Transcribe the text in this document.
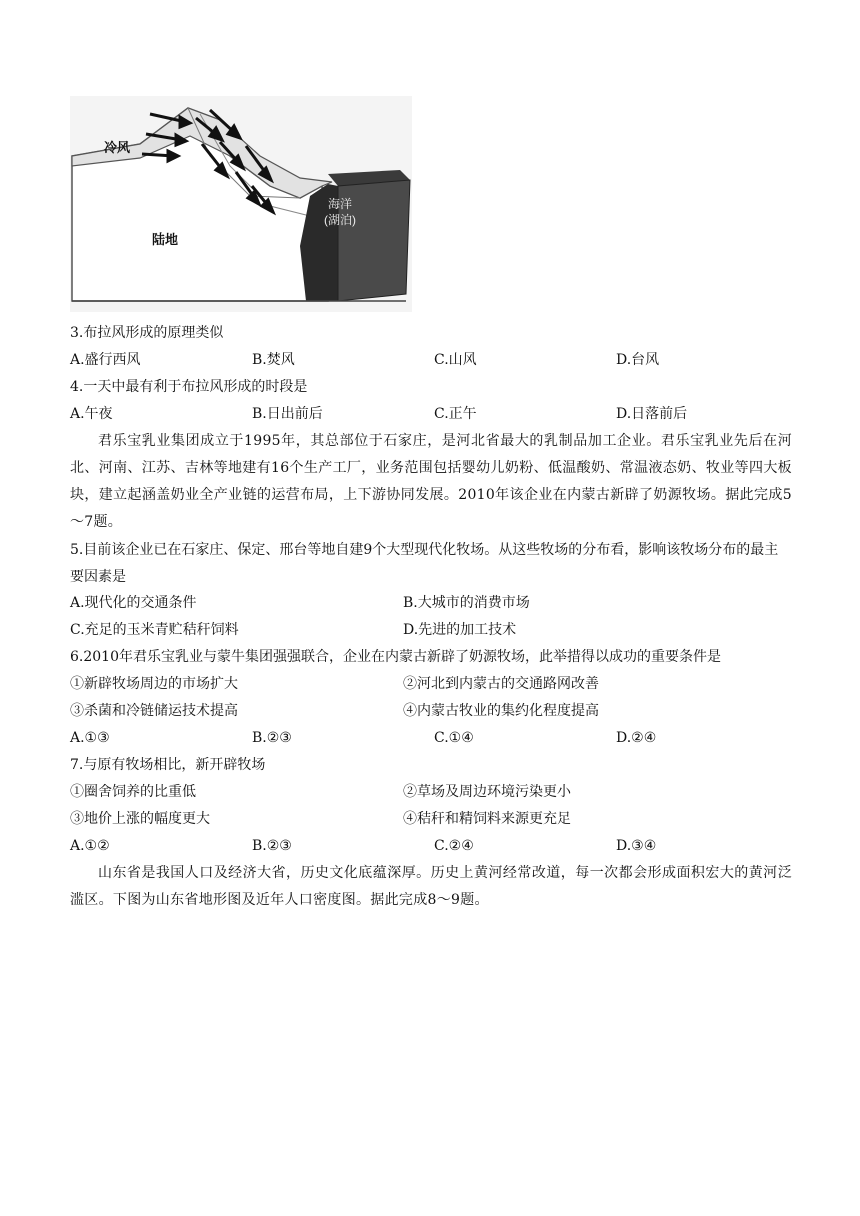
冷风
陆地
海洋
(湖泊)
3.布拉风形成的原理类似
A.盛行西风	B.焚风	C.山风	D.台风
4.一天中最有利于布拉风形成的时段是
A.午夜	B.日出前后	C.正午	D.日落前后
君乐宝乳业集团成立于1995年，其总部位于石家庄，是河北省最大的乳制品加工企业。君乐宝乳业先后在河北、河南、江苏、吉林等地建有16个生产工厂，业务范围包括婴幼儿奶粉、低温酸奶、常温液态奶、牧业等四大板块，建立起涵盖奶业全产业链的运营布局，上下游协同发展。2010年该企业在内蒙古新辟了奶源牧场。据此完成5～7题。
5.目前该企业已在石家庄、保定、邢台等地自建9个大型现代化牧场。从这些牧场的分布看，影响该牧场分布的最主要因素是
A.现代化的交通条件	B.大城市的消费市场
C.充足的玉米青贮秸秆饲料	D.先进的加工技术
6.2010年君乐宝乳业与蒙牛集团强强联合，企业在内蒙古新辟了奶源牧场，此举措得以成功的重要条件是
①新辟牧场周边的市场扩大	②河北到内蒙古的交通路网改善
③杀菌和冷链储运技术提高	④内蒙古牧业的集约化程度提高
A.①③	B.②③	C.①④	D.②④
7.与原有牧场相比，新开辟牧场
①圈舍饲养的比重低	②草场及周边环境污染更小
③地价上涨的幅度更大	④秸秆和精饲料来源更充足
A.①②	B.②③	C.②④	D.③④
山东省是我国人口及经济大省，历史文化底蕴深厚。历史上黄河经常改道，每一次都会形成面积宏大的黄河泛滥区。下图为山东省地形图及近年人口密度图。据此完成8～9题。
